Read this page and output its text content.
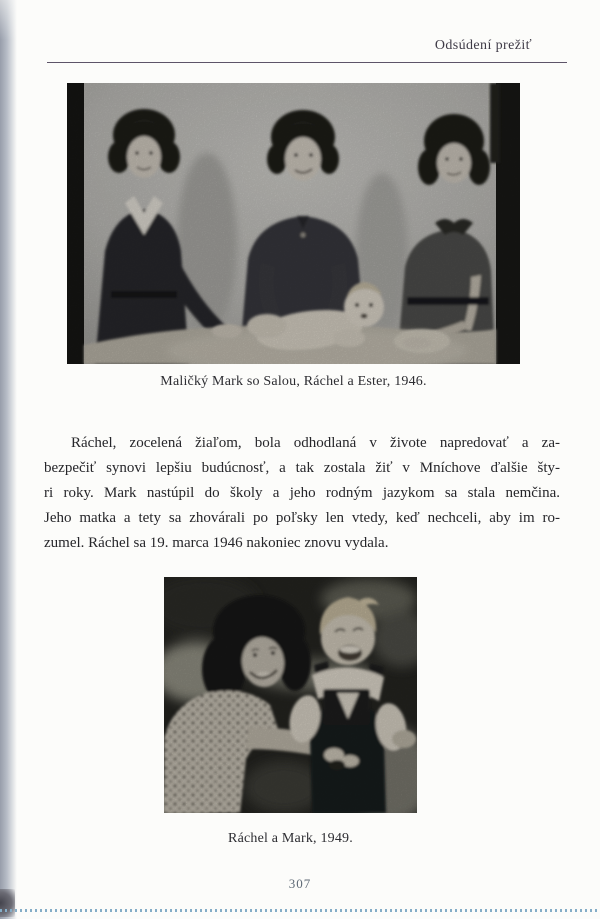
Odsúdení prežiť
Maličký Mark so Salou, Ráchel a Ester, 1946.
Ráchel, zocelená žiaľom, bola odhodlaná v živote napredovať a za-
bezpečiť synovi lepšiu budúcnosť, a tak zostala žiť v Mníchove ďalšie šty-
ri roky. Mark nastúpil do školy a jeho rodným jazykom sa stala nemčina.
Jeho matka a tety sa zhovárali po poľsky len vtedy, keď nechceli, aby im ro-
zumel. Ráchel sa 19. marca 1946 nakoniec znovu vydala.
Ráchel a Mark, 1949.
307
